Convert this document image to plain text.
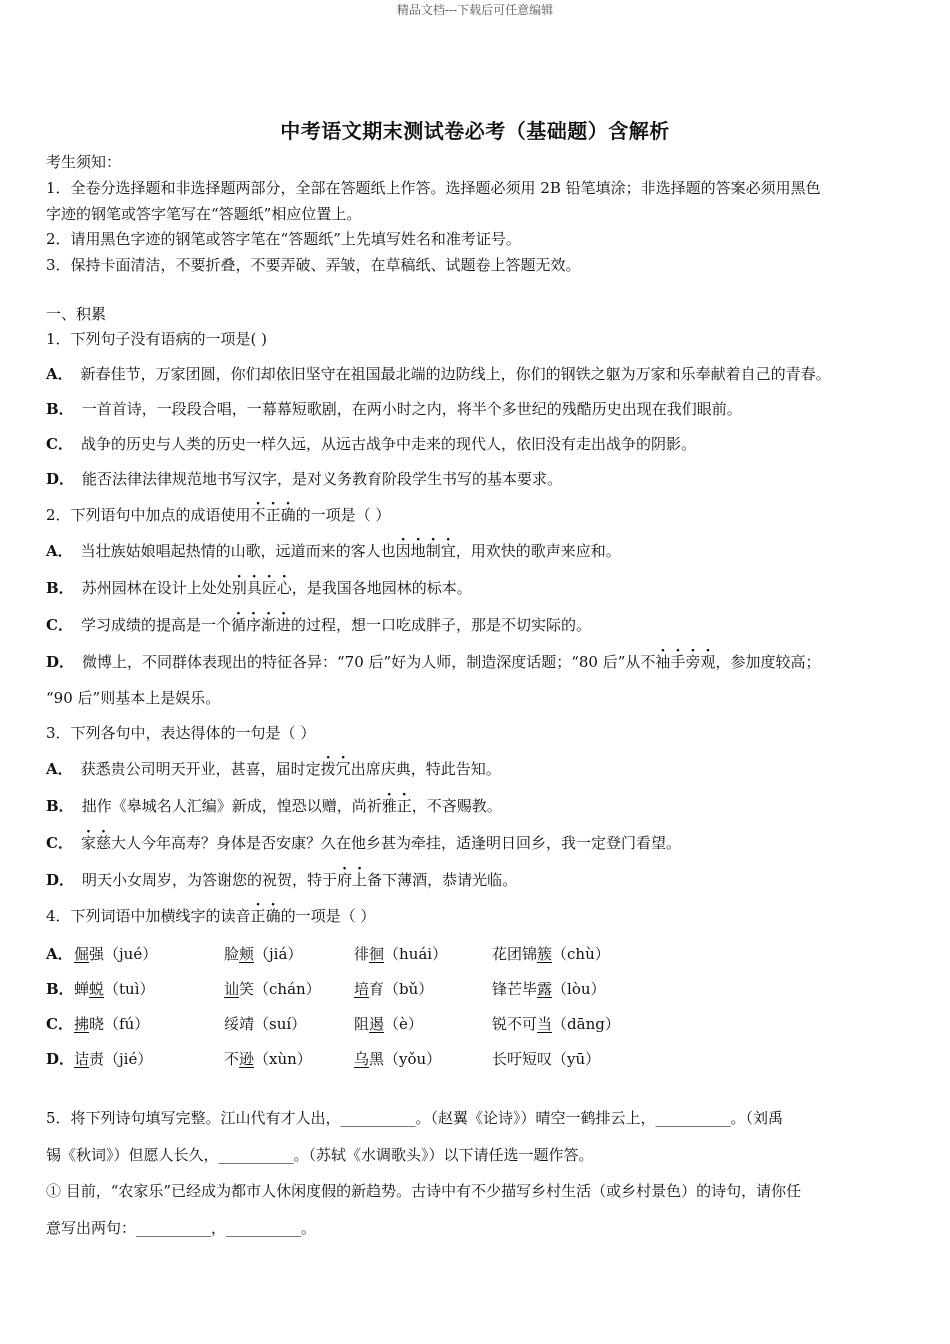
精品文档---下载后可任意编辑
中考语文期末测试卷必考（基础题）含解析
考生须知：
1．全卷分选择题和非选择题两部分，全部在答题纸上作答。选择题必须用 2B 铅笔填涂；非选择题的答案必须用黑色
字迹的钢笔或答字笔写在“答题纸”相应位置上。
2．请用黑色字迹的钢笔或答字笔在“答题纸”上先填写姓名和准考证号。
3．保持卡面清洁，不要折叠，不要弄破、弄皱，在草稿纸、试题卷上答题无效。
一、积累
1．下列句子没有语病的一项是( )
A． 新春佳节，万家团圆，你们却依旧坚守在祖国最北端的边防线上，你们的钢铁之躯为万家和乐奉献着自己的青春。
B． 一首首诗，一段段合唱，一幕幕短歌剧，在两小时之内，将半个多世纪的残酷历史出现在我们眼前。
C． 战争的历史与人类的历史一样久远，从远古战争中走来的现代人，依旧没有走出战争的阴影。
D． 能否法律法律规范地书写汉字，是对义务教育阶段学生书写的基本要求。
2．下列语句中加点的成语使用不正确的一项是（ ）
A． 当壮族姑娘唱起热情的山歌，远道而来的客人也因地制宜，用欢快的歌声来应和。
B． 苏州园林在设计上处处别具匠心，是我国各地园林的标本。
C． 学习成绩的提高是一个循序渐进的过程，想一口吃成胖子，那是不切实际的。
D． 微博上，不同群体表现出的特征各异：“70 后”好为人师，制造深度话题；“80 后”从不袖手旁观，参加度较高；
“90 后”则基本上是娱乐。
3．下列各句中，表达得体的一句是（ ）
A． 获悉贵公司明天开业，甚喜，届时定拨冗出席庆典，特此告知。
B． 拙作《皋城名人汇编》新成，惶恐以赠，尚祈雅正，不吝赐教。
C． 家慈大人今年高寿？身体是否安康？久在他乡甚为牵挂，适逢明日回乡，我一定登门看望。
D． 明天小女周岁，为答谢您的祝贺，特于府上备下薄酒，恭请光临。
4．下列词语中加横线字的读音正确的一项是（ ）
A． 倔强（jué）	脸颊（jiá）	徘徊（huái）	花团锦簇（chù）
B． 蝉蜕（tuì）	讪笑（chán） 培育（bǔ）	锋芒毕露（lòu）
C． 拂晓（fú）	绥靖（suí）	阻遏（è）	锐不可当（dāng）
D． 诘责（jié）	不逊（xùn）	乌黑（yǒu）	长吁短叹（yū）
5．将下列诗句填写完整。江山代有才人出，__________。（赵翼《论诗》）晴空一鹤排云上，__________。（刘禹
锡《秋词》）但愿人长久，__________。（苏轼《水调歌头》）以下请任选一题作答。
① 目前，“农家乐”已经成为都市人休闲度假的新趋势。古诗中有不少描写乡村生活（或乡村景色）的诗句，请你任
意写出两句：__________，__________。
